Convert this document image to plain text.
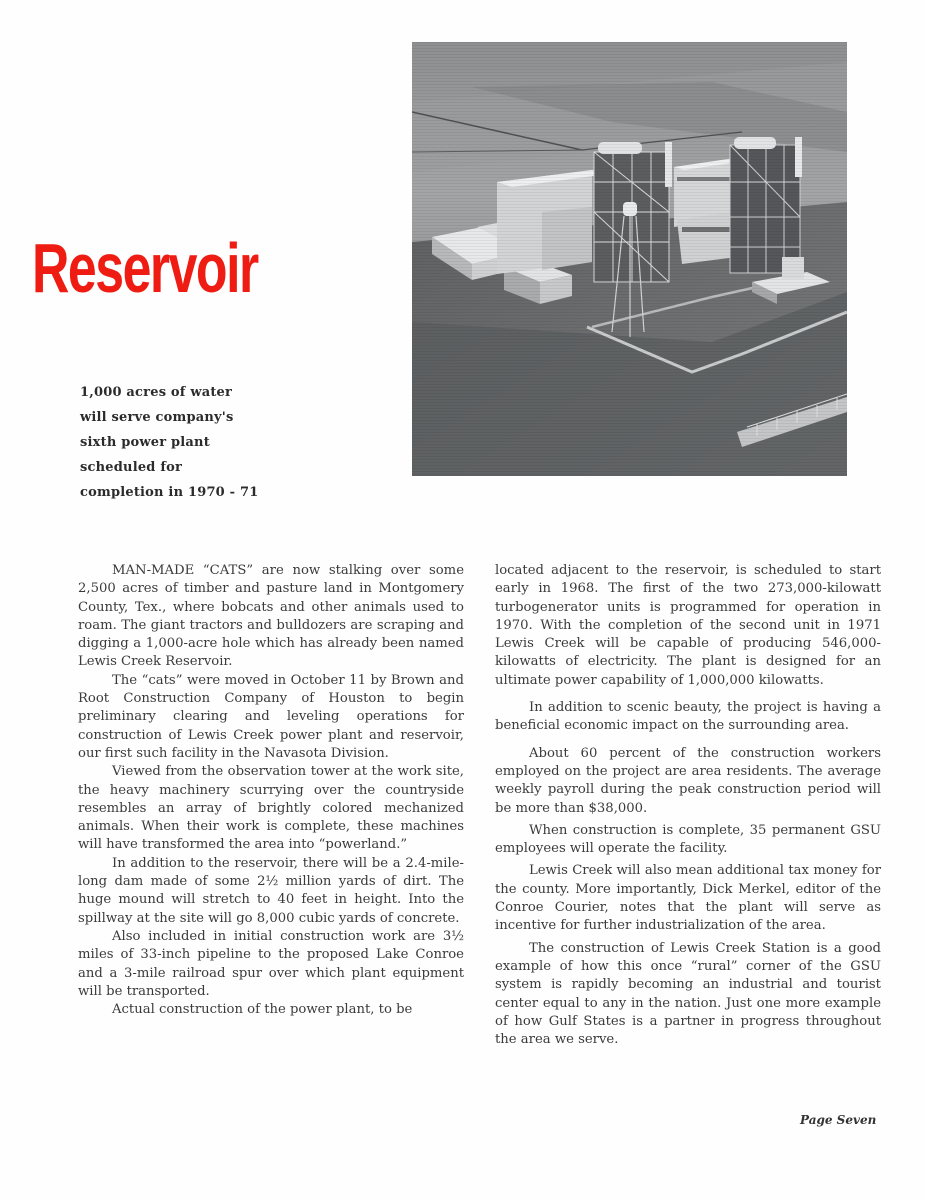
Reservoir
1,000 acres of water
will serve company's
sixth power plant
scheduled for
completion in 1970 - 71

MAN-MADE “CATS” are now stalking over some 2,500 acres of timber and pasture land in Montgomery County, Tex., where bobcats and other animals used to roam. The giant tractors and bulldozers are scraping and digging a 1,000-acre hole which has already been named Lewis Creek Reservoir.

The “cats” were moved in October 11 by Brown and Root Construction Company of Houston to begin preliminary clearing and leveling operations for construction of Lewis Creek power plant and reservoir, our first such facility in the Navasota Division.

Viewed from the observation tower at the work site, the heavy machinery scurrying over the countryside resembles an array of brightly colored mechanized animals. When their work is complete, these machines will have transformed the area into “powerland.”

In addition to the reservoir, there will be a 2.4-mile-long dam made of some 2½ million yards of dirt. The huge mound will stretch to 40 feet in height. Into the spillway at the site will go 8,000 cubic yards of concrete.

Also included in initial construction work are 3½ miles of 33-inch pipeline to the proposed Lake Conroe and a 3-mile railroad spur over which plant equipment will be transported.

Actual construction of the power plant, to be

located adjacent to the reservoir, is scheduled to start early in 1968. The first of the two 273,000-kilowatt turbogenerator units is programmed for operation in 1970. With the completion of the second unit in 1971 Lewis Creek will be capable of producing 546,000-kilowatts of electricity. The plant is designed for an ultimate power capability of 1,000,000 kilowatts.

In addition to scenic beauty, the project is having a beneficial economic impact on the surrounding area.

About 60 percent of the construction workers employed on the project are area residents. The average weekly payroll during the peak construction period will be more than $38,000.

When construction is complete, 35 permanent GSU employees will operate the facility.

Lewis Creek will also mean additional tax money for the county. More importantly, Dick Merkel, editor of the Conroe Courier, notes that the plant will serve as incentive for further industrialization of the area.

The construction of Lewis Creek Station is a good example of how this once “rural” corner of the GSU system is rapidly becoming an industrial and tourist center equal to any in the nation. Just one more example of how Gulf States is a partner in progress throughout the area we serve.

Page Seven
